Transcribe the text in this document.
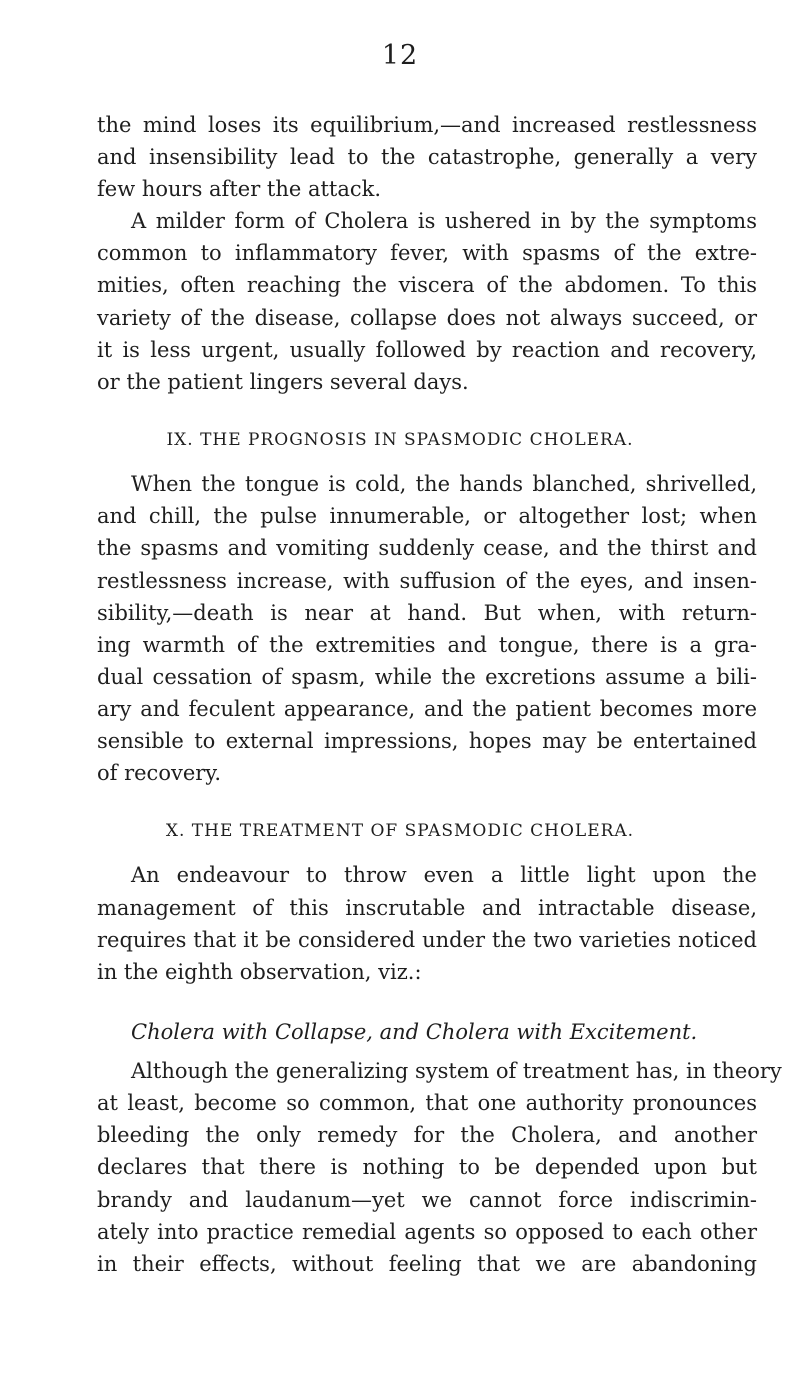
12
the mind loses its equilibrium,—and increased restlessness
and insensibility lead to the catastrophe, generally a very
few hours after the attack.
A milder form of Cholera is ushered in by the symptoms
common to inflammatory fever, with spasms of the extre-
mities, often reaching the viscera of the abdomen. To this
variety of the disease, collapse does not always succeed, or
it is less urgent, usually followed by reaction and recovery,
or the patient lingers several days.
IX. THE PROGNOSIS IN SPASMODIC CHOLERA.
When the tongue is cold, the hands blanched, shrivelled,
and chill, the pulse innumerable, or altogether lost; when
the spasms and vomiting suddenly cease, and the thirst and
restlessness increase, with suffusion of the eyes, and insen-
sibility,—death is near at hand. But when, with return-
ing warmth of the extremities and tongue, there is a gra-
dual cessation of spasm, while the excretions assume a bili-
ary and feculent appearance, and the patient becomes more
sensible to external impressions, hopes may be entertained
of recovery.
X. THE TREATMENT OF SPASMODIC CHOLERA.
An endeavour to throw even a little light upon the
management of this inscrutable and intractable disease,
requires that it be considered under the two varieties noticed
in the eighth observation, viz.:
Cholera with Collapse, and Cholera with Excitement.
Although the generalizing system of treatment has, in theory
at least, become so common, that one authority pronounces
bleeding the only remedy for the Cholera, and another
declares that there is nothing to be depended upon but
brandy and laudanum—yet we cannot force indiscrimin-
ately into practice remedial agents so opposed to each other
in their effects, without feeling that we are abandoning
